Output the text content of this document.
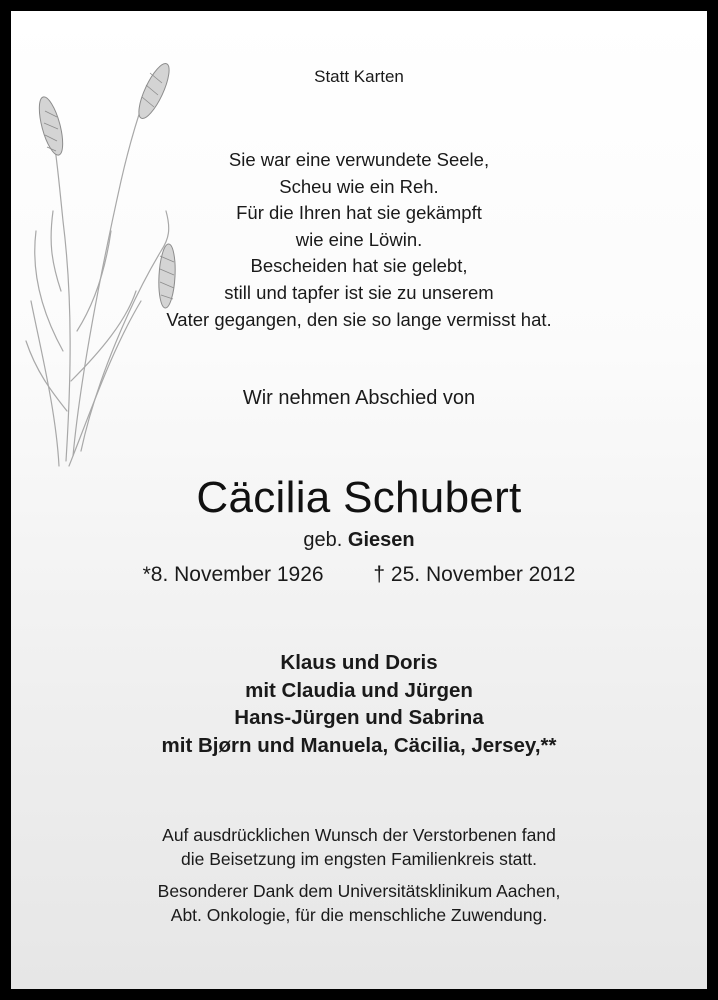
Statt Karten
Sie war eine verwundete Seele,
Scheu wie ein Reh.
Für die Ihren hat sie gekämpft
wie eine Löwin.
Bescheiden hat sie gelebt,
still und tapfer ist sie zu unserem
Vater gegangen, den sie so lange vermisst hat.
Wir nehmen Abschied von
Cäcilia Schubert
geb. Giesen
*8. November 1926 † 25. November 2012
Klaus und Doris
mit Claudia und Jürgen
Hans-Jürgen und Sabrina
mit Bjørn und Manuela, Cäcilia, Jersey,**
Auf ausdrücklichen Wunsch der Verstorbenen fand
die Beisetzung im engsten Familienkreis statt.
Besonderer Dank dem Universitätsklinikum Aachen,
Abt. Onkologie, für die menschliche Zuwendung.
